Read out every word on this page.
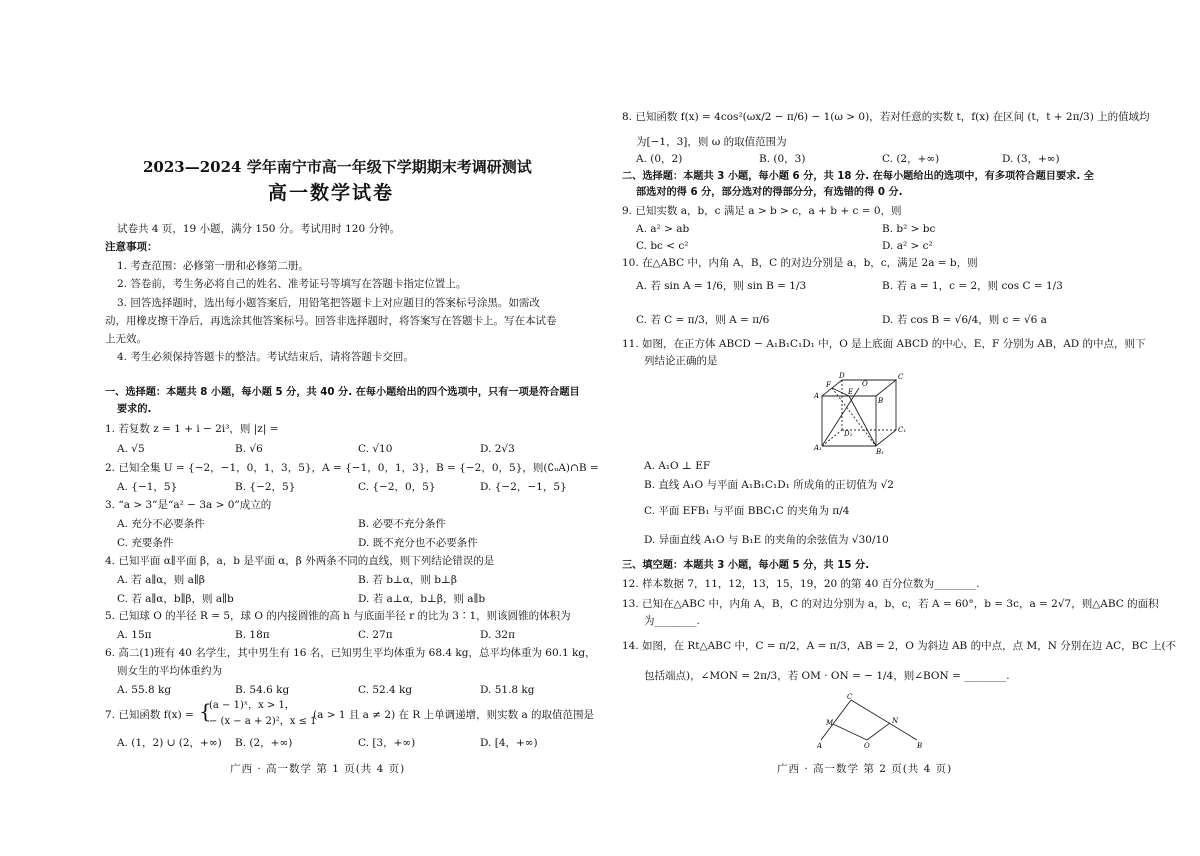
2023—2024 学年南宁市高一年级下学期期末考调研测试
高一数学试卷
试卷共 4 页，19 小题，满分 150 分。考试用时 120 分钟。
注意事项：
1. 考查范围：必修第一册和必修第二册。
2. 答卷前，考生务必将自己的姓名、准考证号等填写在答题卡指定位置上。
3. 回答选择题时，选出每小题答案后，用铅笔把答题卡上对应题目的答案标号涂黑。如需改
动，用橡皮擦干净后，再选涂其他答案标号。回答非选择题时，将答案写在答题卡上。写在本试卷
上无效。
4. 考生必须保持答题卡的整洁。考试结束后，请将答题卡交回。
一、选择题：本题共 8 小题，每小题 5 分，共 40 分. 在每小题给出的四个选项中，只有一项是符合题目
要求的.
1. 若复数 z = 1 + i − 2i³，则 |z| =
A. √5	B. √6	C. √10	D. 2√3
2. 已知全集 U = {−2，−1，0，1，3，5}，A = {−1，0，1，3}，B = {−2，0，5}，则(∁ᵤA)∩B =
A. {−1，5}	B. {−2，5}	C. {−2，0，5}	D. {−2，−1，5}
3. “a > 3”是“a² − 3a > 0”成立的
A. 充分不必要条件	B. 必要不充分条件
C. 充要条件	D. 既不充分也不必要条件
4. 已知平面 α∥平面 β，a，b 是平面 α，β 外两条不同的直线，则下列结论错误的是
A. 若 a∥α，则 a∥β	B. 若 b⊥α，则 b⊥β
C. 若 a∥α，b∥β，则 a∥b	D. 若 a⊥α，b⊥β，则 a∥b
5. 已知球 O 的半径 R = 5，球 O 的内接圆锥的高 h 与底面半径 r 的比为 3∶1，则该圆锥的体积为
A. 15π	B. 18π	C. 27π	D. 32π
6. 高二(1)班有 40 名学生，其中男生有 16 名，已知男生平均体重为 68.4 kg，总平均体重为 60.1 kg，
则女生的平均体重约为
A. 55.8 kg	B. 54.6 kg	C. 52.4 kg	D. 51.8 kg
7. 已知函数 f(x) = {
(a − 1)ˣ，x > 1，
− (x − a + 2)²，x ≤ 1
(a > 1 且 a ≠ 2) 在 R 上单调递增，则实数 a 的取值范围是
A. (1，2) ∪ (2，+∞) B. (2，+∞)	C. [3，+∞)	D. [4，+∞)
广西 · 高一数学 第 1 页(共 4 页)
8. 已知函数 f(x) = 4cos²(ωx/2 − π/6) − 1(ω > 0)，若对任意的实数 t，f(x) 在区间 (t，t + 2π/3) 上的值域均
为[−1，3]，则 ω 的取值范围为
A. (0，2)	B. (0，3)	C. (2，+∞)	D. (3，+∞)
二、选择题：本题共 3 小题，每小题 6 分，共 18 分. 在每小题给出的选项中，有多项符合题目要求. 全
部选对的得 6 分，部分选对的得部分分，有选错的得 0 分.
9. 已知实数 a，b，c 满足 a > b > c，a + b + c = 0，则
A. a² > ab	B. b² > bc
C. bc < c²	D. a² > c²
10. 在△ABC 中，内角 A，B，C 的对边分别是 a，b，c，满足 2a = b，则
A. 若 sin A = 1/6，则 sin B = 1/3	B. 若 a = 1，c = 2，则 cos C = 1/3
C. 若 C = π/3，则 A = π/6	D. 若 cos B = √6/4，则 c = √6 a
11. 如图，在正方体 ABCD − A₁B₁C₁D₁ 中，O 是上底面 ABCD 的中心，E，F 分别为 AB，AD 的中点，则下
列结论正确的是
D	C
F	O
E
A
B
D₁	C₁
A₁	B₁
A. A₁O ⊥ EF
B. 直线 A₁O 与平面 A₁B₁C₁D₁ 所成角的正切值为 √2
C. 平面 EFB₁ 与平面 BBC₁C 的夹角为 π/4
D. 异面直线 A₁O 与 B₁E 的夹角的余弦值为 √30/10
三、填空题：本题共 3 小题，每小题 5 分，共 15 分.
12. 样本数据 7，11，12，13，15，19，20 的第 40 百分位数为________.
13. 已知在△ABC 中，内角 A，B，C 的对边分别为 a，b，c，若 A = 60°，b = 3c，a = 2√7，则△ABC 的面积
为________.
14. 如图，在 Rt△ABC 中，C = π/2，A = π/3，AB = 2，O 为斜边 AB 的中点，点 M，N 分别在边 AC，BC 上(不
包括端点)，∠MON = 2π/3，若 OM · ON = − 1/4，则∠BON = ________.
C
M	N
A	O	B
广西 · 高一数学 第 2 页(共 4 页)
